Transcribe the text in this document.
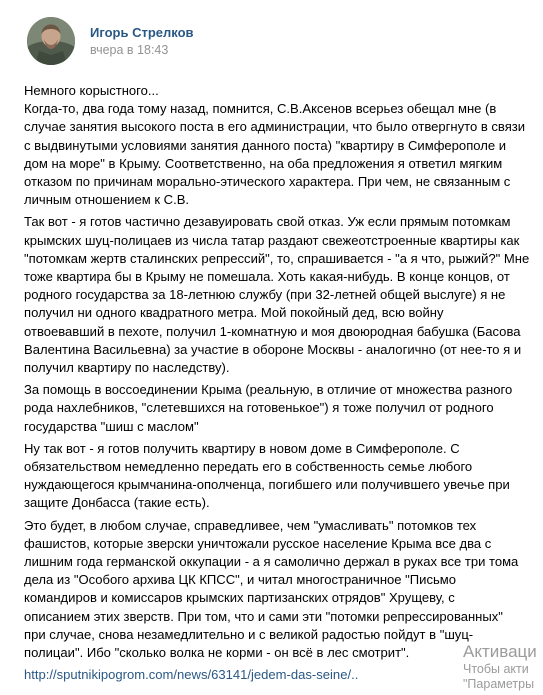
Игорь Стрелков
вчера в 18:43
Немного корыстного...
Когда-то, два года тому назад, помнится, С.В.Аксенов всерьез обещал мне (в
случае занятия высокого поста в его администрации, что было отвергнуто в связи
с выдвинутыми условиями занятия данного поста) "квартиру в Симферополе и
дом на море" в Крыму. Соответственно, на оба предложения я ответил мягким
отказом по причинам морально-этического характера. При чем, не связанным с
личным отношением к С.В.
Так вот - я готов частично дезавуировать свой отказ. Уж если прямым потомкам
крымских шуц-полицаев из числа татар раздают свежеотстроенные квартиры как
"потомкам жертв сталинских репрессий", то, спрашивается - "а я что, рыжий?" Мне
тоже квартира бы в Крыму не помешала. Хоть какая-нибудь. В конце концов, от
родного государства за 18-летнюю службу (при 32-летней общей выслуге) я не
получил ни одного квадратного метра. Мой покойный дед, всю войну
отвоевавший в пехоте, получил 1-комнатную и моя двоюродная бабушка (Басова
Валентина Васильевна) за участие в обороне Москвы - аналогично (от нее-то я и
получил квартиру по наследству).
За помощь в воссоединении Крыма (реальную, в отличие от множества разного
рода нахлебников, "слетевшихся на готовенькое") я тоже получил от родного
государства "шиш с маслом"
Ну так вот - я готов получить квартиру в новом доме в Симферополе. С
обязательством немедленно передать его в собственность семье любого
нуждающегося крымчанина-ополченца, погибшего или получившего увечье при
защите Донбасса (такие есть).
Это будет, в любом случае, справедливее, чем "умасливать" потомков тех
фашистов, которые зверски уничтожали русское население Крыма все два с
лишним года германской оккупации - а я самолично держал в руках все три тома
дела из "Особого архива ЦК КПСС", и читал многостраничное "Письмо
командиров и комиссаров крымских партизанских отрядов" Хрущеву, с
описанием этих зверств. При том, что и сами эти "потомки репрессированных"
при случае, снова незамедлительно и с великой радостью пойдут в "шуц-
полицаи". Ибо "сколько волка не корми - он всё в лес смотрит".
http://sputnikipogrom.com/news/63141/jedem-das-seine/..
Активаци
Чтобы акти
"Параметры
